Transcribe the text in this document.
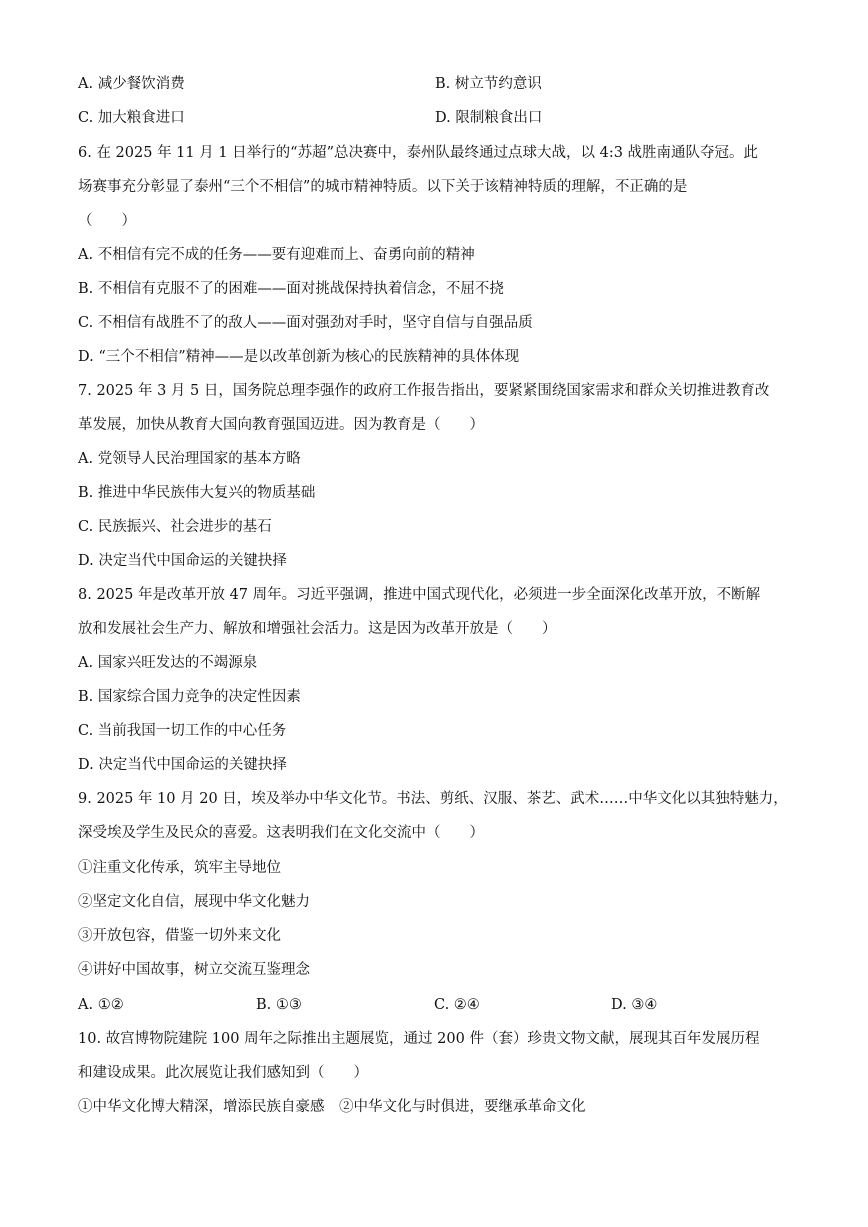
A. 减少餐饮消费	B. 树立节约意识
C. 加大粮食进口	D. 限制粮食出口
6. 在 2025 年 11 月 1 日举行的“苏超”总决赛中，泰州队最终通过点球大战，以 4:3 战胜南通队夺冠。此
场赛事充分彰显了泰州“三个不相信”的城市精神特质。以下关于该精神特质的理解，不正确的是
（　　）
A. 不相信有完不成的任务——要有迎难而上、奋勇向前的精神
B. 不相信有克服不了的困难——面对挑战保持执着信念，不屈不挠
C. 不相信有战胜不了的敌人——面对强劲对手时，坚守自信与自强品质
D. “三个不相信”精神——是以改革创新为核心的民族精神的具体体现
7. 2025 年 3 月 5 日，国务院总理李强作的政府工作报告指出，要紧紧围绕国家需求和群众关切推进教育改
革发展，加快从教育大国向教育强国迈进。因为教育是（　　）
A. 党领导人民治理国家的基本方略
B. 推进中华民族伟大复兴的物质基础
C. 民族振兴、社会进步的基石
D. 决定当代中国命运的关键抉择
8. 2025 年是改革开放 47 周年。习近平强调，推进中国式现代化，必须进一步全面深化改革开放，不断解
放和发展社会生产力、解放和增强社会活力。这是因为改革开放是（　　）
A. 国家兴旺发达的不竭源泉
B. 国家综合国力竞争的决定性因素
C. 当前我国一切工作的中心任务
D. 决定当代中国命运的关键抉择
9. 2025 年 10 月 20 日，埃及举办中华文化节。书法、剪纸、汉服、茶艺、武术……中华文化以其独特魅力，
深受埃及学生及民众的喜爱。这表明我们在文化交流中（　　）
①注重文化传承，筑牢主导地位
②坚定文化自信，展现中华文化魅力
③开放包容，借鉴一切外来文化
④讲好中国故事，树立交流互鉴理念
A. ①②	B. ①③	C. ②④	D. ③④
10. 故宫博物院建院 100 周年之际推出主题展览，通过 200 件（套）珍贵文物文献，展现其百年发展历程
和建设成果。此次展览让我们感知到（　　）
①中华文化博大精深，增添民族自豪感　②中华文化与时俱进，要继承革命文化
